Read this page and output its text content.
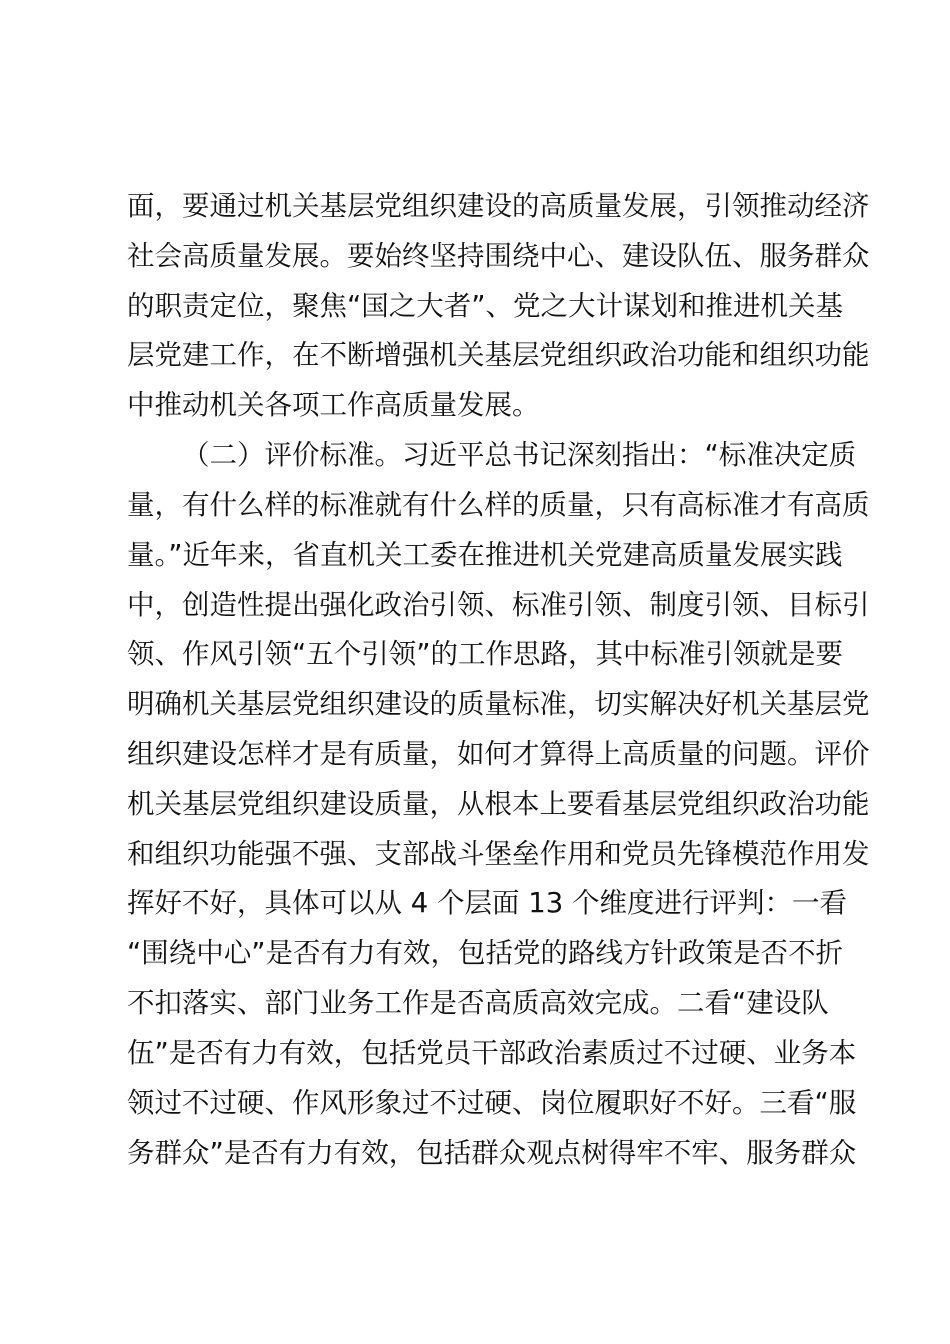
面，要通过机关基层党组织建设的高质量发展，引领推动经济
社会高质量发展。要始终坚持围绕中心、建设队伍、服务群众
的职责定位，聚焦“国之大者”、党之大计谋划和推进机关基
层党建工作，在不断增强机关基层党组织政治功能和组织功能
中推动机关各项工作高质量发展。
（二）评价标准。习近平总书记深刻指出：“标准决定质
量，有什么样的标准就有什么样的质量，只有高标准才有高质
量。”近年来，省直机关工委在推进机关党建高质量发展实践
中，创造性提出强化政治引领、标准引领、制度引领、目标引
领、作风引领“五个引领”的工作思路，其中标准引领就是要
明确机关基层党组织建设的质量标准，切实解决好机关基层党
组织建设怎样才是有质量，如何才算得上高质量的问题。评价
机关基层党组织建设质量，从根本上要看基层党组织政治功能
和组织功能强不强、支部战斗堡垒作用和党员先锋模范作用发
挥好不好，具体可以从 4 个层面 13 个维度进行评判：一看
“围绕中心”是否有力有效，包括党的路线方针政策是否不折
不扣落实、部门业务工作是否高质高效完成。二看“建设队
伍”是否有力有效，包括党员干部政治素质过不过硬、业务本
领过不过硬、作风形象过不过硬、岗位履职好不好。三看“服
务群众”是否有力有效，包括群众观点树得牢不牢、服务群众
